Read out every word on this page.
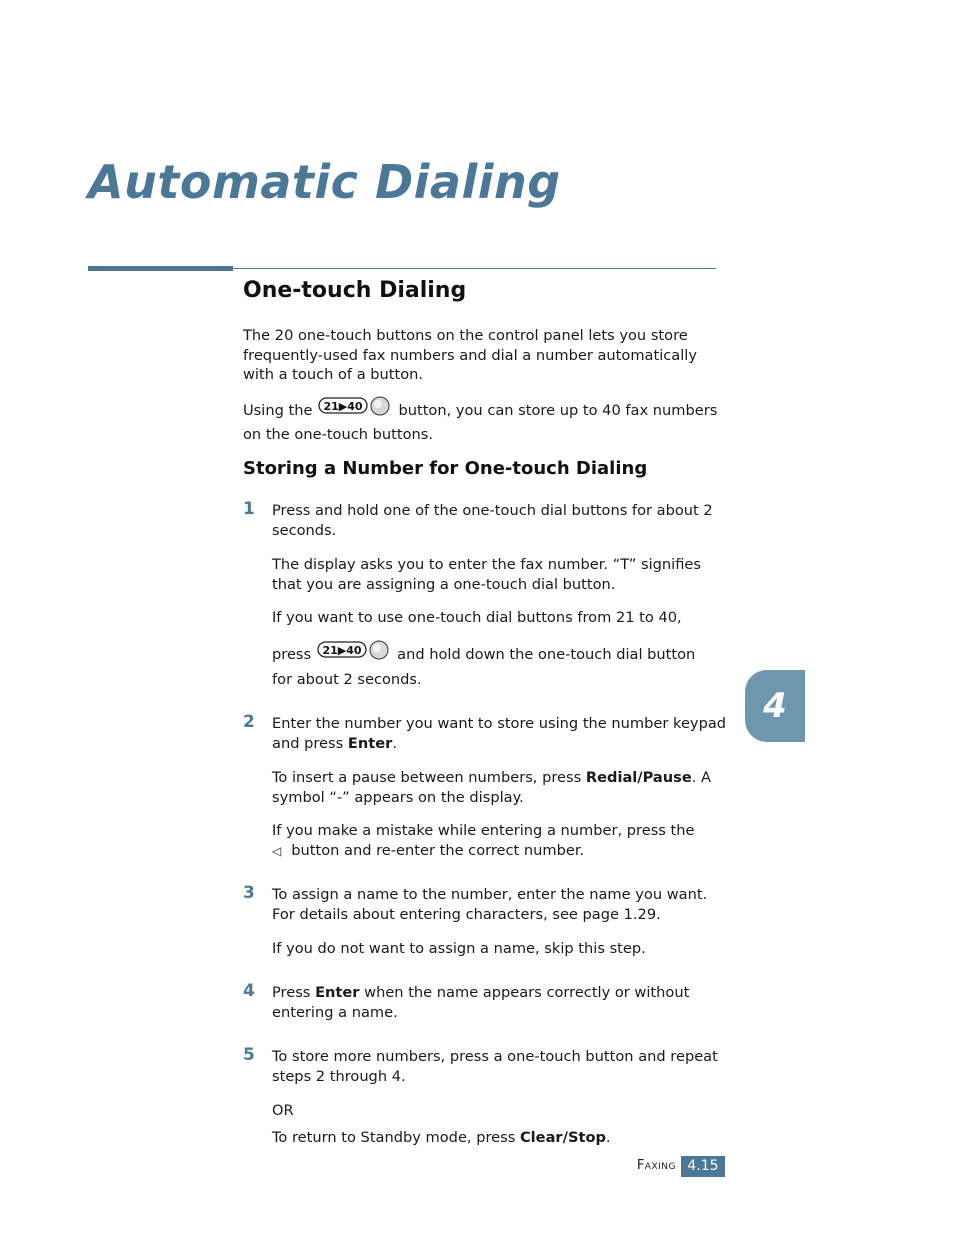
Automatic Dialing
One-touch Dialing

The 20 one-touch buttons on the control panel lets you store frequently-used fax numbers and dial a number automatically with a touch of a button.

Using the 21▶40 button, you can store up to 40 fax numbers on the one-touch buttons.

Storing a Number for One-touch Dialing
1 Press and hold one of the one-touch dial buttons for about 2 seconds.

The display asks you to enter the fax number. “T” signifies that you are assigning a one-touch dial button.

If you want to use one-touch dial buttons from 21 to 40,

press 21▶40 and hold down the one-touch dial button

for about 2 seconds.

2 Enter the number you want to store using the number keypad and press Enter.

To insert a pause between numbers, press Redial/Pause. A symbol “-” appears on the display.

If you make a mistake while entering a number, press the
◁ button and re-enter the correct number.

3 To assign a name to the number, enter the name you want. For details about entering characters, see page 1.29.

If you do not want to assign a name, skip this step.

4 Press Enter when the name appears correctly or without entering a name.

5 To store more numbers, press a one-touch button and repeat steps 2 through 4.

OR

To return to Standby mode, press Clear/Stop.

4
Faxing 4.15
